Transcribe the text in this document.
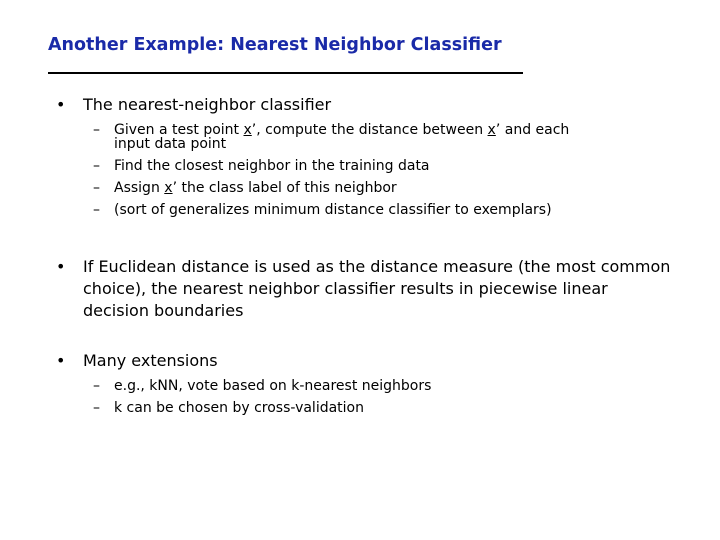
Another Example: Nearest Neighbor Classifier
• The nearest-neighbor classifier
– Given a test point x’, compute the distance between x’ and each
input data point
– Find the closest neighbor in the training data
– Assign x’ the class label of this neighbor
– (sort of generalizes minimum distance classifier to exemplars)
• If Euclidean distance is used as the distance measure (the most common choice), the nearest neighbor classifier results in piecewise linear decision boundaries
• Many extensions
– e.g., kNN, vote based on k-nearest neighbors
– k can be chosen by cross-validation
